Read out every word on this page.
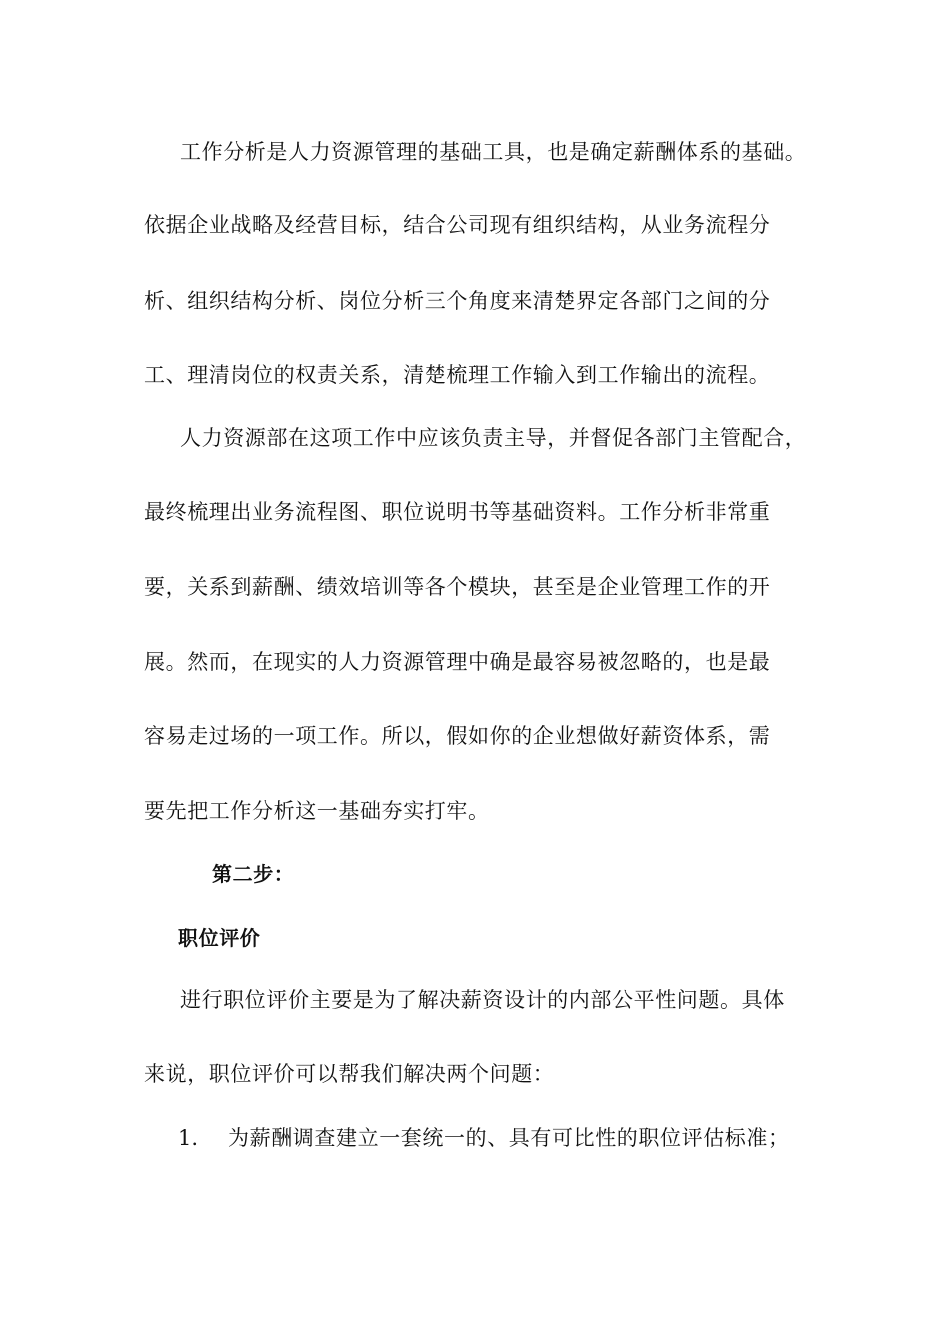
工作分析是人力资源管理的基础工具，也是确定薪酬体系的基础。
依据企业战略及经营目标，结合公司现有组织结构，从业务流程分
析、组织结构分析、岗位分析三个角度来清楚界定各部门之间的分
工、理清岗位的权责关系，清楚梳理工作输入到工作输出的流程。
人力资源部在这项工作中应该负责主导，并督促各部门主管配合，
最终梳理出业务流程图、职位说明书等基础资料。工作分析非常重
要，关系到薪酬、绩效培训等各个模块，甚至是企业管理工作的开
展。然而，在现实的人力资源管理中确是最容易被忽略的，也是最
容易走过场的一项工作。所以，假如你的企业想做好薪资体系，需
要先把工作分析这一基础夯实打牢。
第二步：
职位评价
进行职位评价主要是为了解决薪资设计的内部公平性问题。具体
来说，职位评价可以帮我们解决两个问题：
1. 为薪酬调查建立一套统一的、具有可比性的职位评估标准；
